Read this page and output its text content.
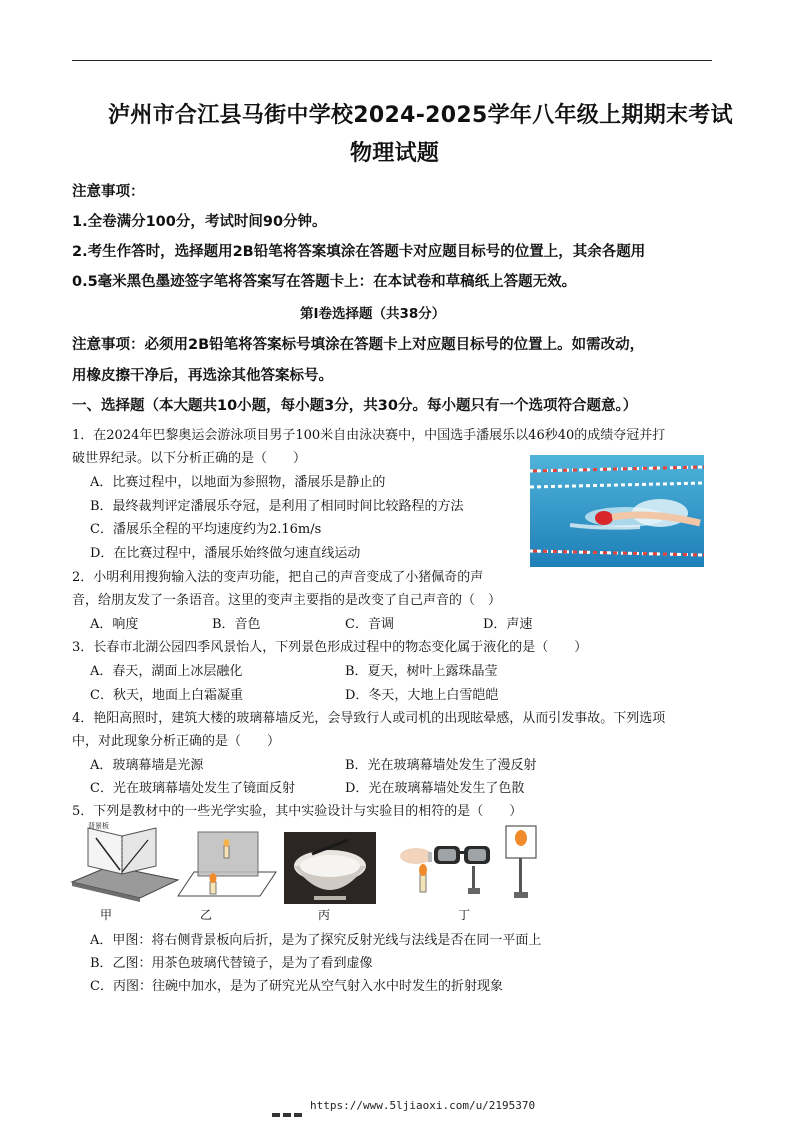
泸州市合江县马街中学校2024-2025学年八年级上期期末考试
物理试题
注意事项：
1.全卷满分100分，考试时间90分钟。
2.考生作答时，选择题用2B铅笔将答案填涂在答题卡对应题目标号的位置上，其余各题用
0.5毫米黑色墨迹签字笔将答案写在答题卡上：在本试卷和草稿纸上答题无效。
第Ⅰ卷选择题（共38分）
注意事项：必须用2B铅笔将答案标号填涂在答题卡上对应题目标号的位置上。如需改动，
用橡皮擦干净后，再选涂其他答案标号。
一、选择题（本大题共10小题，每小题3分，共30分。每小题只有一个选项符合题意。）
1．在2024年巴黎奥运会游泳项目男子100米自由泳决赛中，中国选手潘展乐以46秒40的成绩夺冠并打
破世界纪录。以下分析正确的是（　　）
A．比赛过程中，以地面为参照物，潘展乐是静止的
B．最终裁判评定潘展乐夺冠，是利用了相同时间比较路程的方法
C．潘展乐全程的平均速度约为2.16m/s
D．在比赛过程中，潘展乐始终做匀速直线运动
2．小明利用搜狗输入法的变声功能，把自己的声音变成了小猪佩奇的声
音，给朋友发了一条语音。这里的变声主要指的是改变了自己声音的（　）
A．响度	B．音色	C．音调	D．声速
3．长春市北湖公园四季风景怡人，下列景色形成过程中的物态变化属于液化的是（　　）
A．春天，湖面上冰层融化	B．夏天，树叶上露珠晶莹
C．秋天，地面上白霜凝重	D．冬天，大地上白雪皑皑
4．艳阳高照时，建筑大楼的玻璃幕墙反光，会导致行人或司机的出现眩晕感，从而引发事故。下列选项
中，对此现象分析正确的是（　　）
A．玻璃幕墙是光源	B．光在玻璃幕墙处发生了漫反射
C．光在玻璃幕墙处发生了镜面反射	D．光在玻璃幕墙处发生了色散
5．下列是教材中的一些光学实验，其中实验设计与实验目的相符的是（　　）
背景板
甲	乙	丙	丁
A．甲图：将右侧背景板向后折，是为了探究反射光线与法线是否在同一平面上
B．乙图：用茶色玻璃代替镜子，是为了看到虚像
C．丙图：往碗中加水，是为了研究光从空气射入水中时发生的折射现象
https://www.5ljiaoxi.com/u/2195370
